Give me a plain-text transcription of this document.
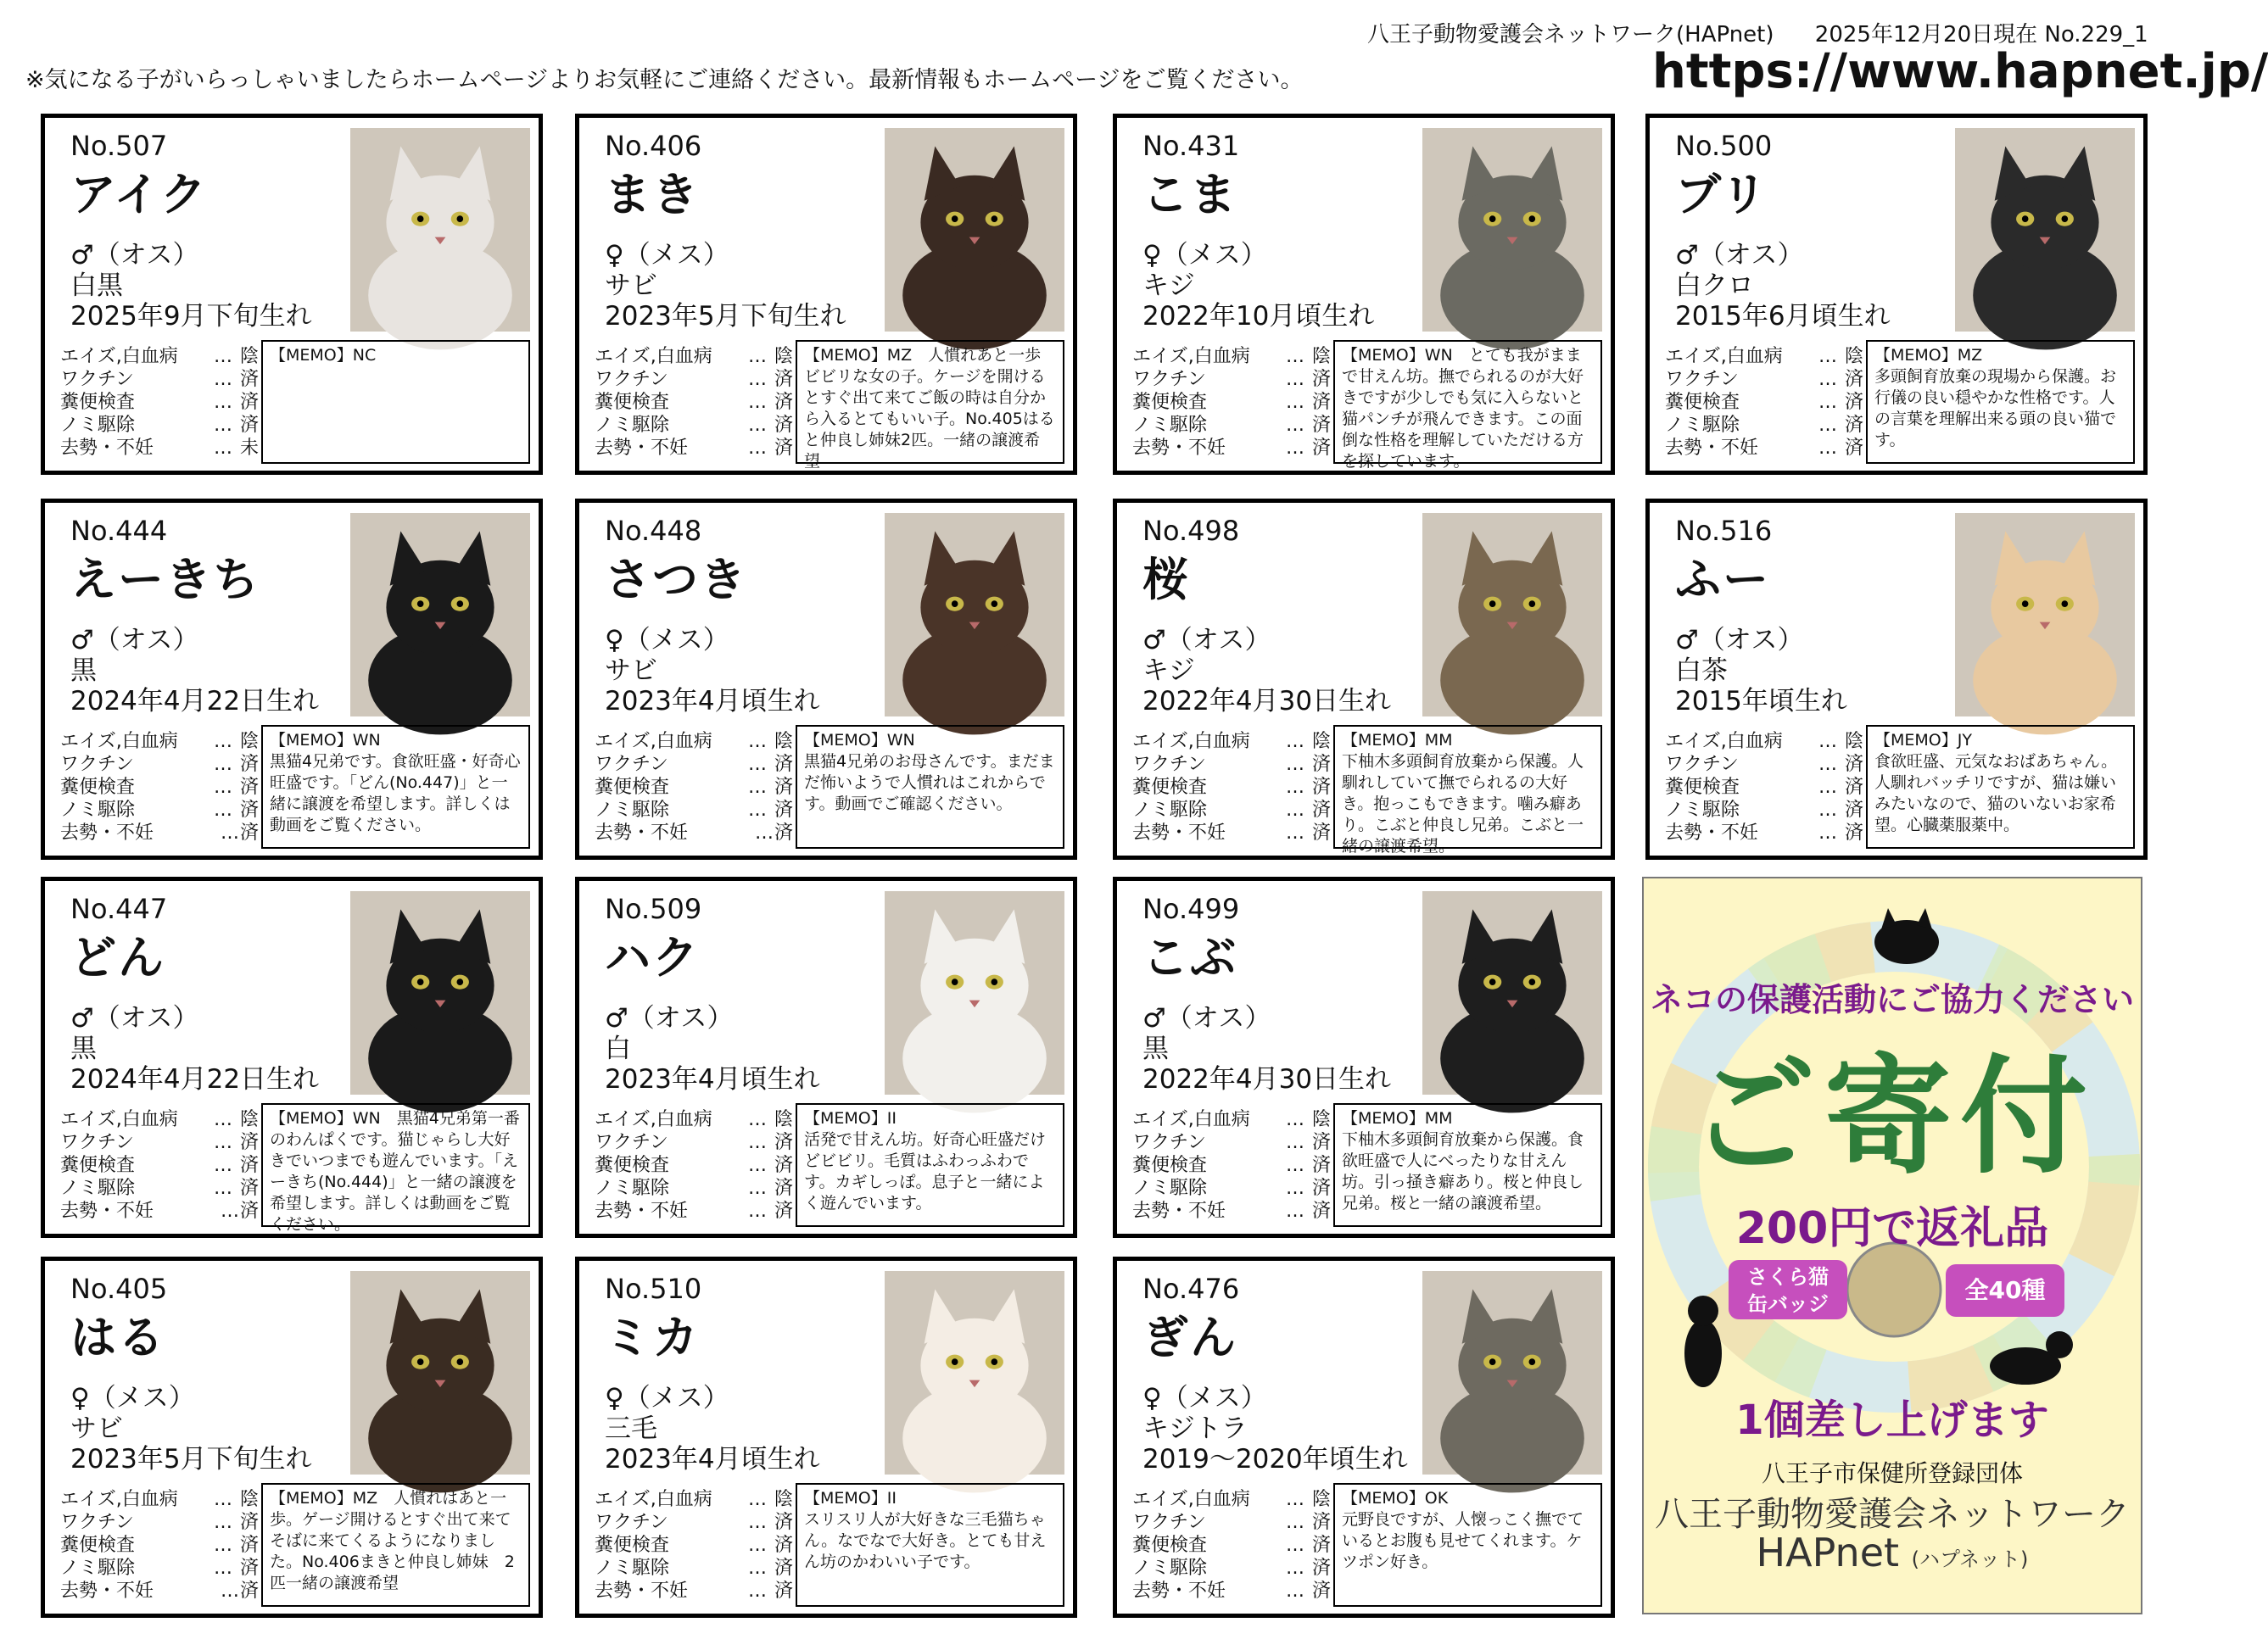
八王子動物愛護会ネットワーク(HAPnet) 2025年12月20日現在 No.229_1
https://www.hapnet.jp/
※気になる子がいらっしゃいましたらホームページよりお気軽にご連絡ください。最新情報もホームページをご覧ください。
No.507
アイク
♂（オス）
白黒
2025年9月下旬生れ
エイズ,白血病 … 陰
ワクチン	… 済
糞便検査	… 済
ノミ駆除	… 済
去勢・不妊	… 未
【MEMO】NC
No.406
まき
♀（メス）
サビ
2023年5月下旬生れ
エイズ,白血病 … 陰
ワクチン	… 済
糞便検査	… 済
ノミ駆除	… 済
去勢・不妊	… 済
【MEMO】MZ　人慣れあと一歩ビビリな女の子。ケージを開けるとすぐ出て来てご飯の時は自分から入るとてもいい子。No.405はると仲良し姉妹2匹。一緒の譲渡希望
No.431
こま
♀（メス）
キジ
2022年10月頃生れ
エイズ,白血病 … 陰
ワクチン	… 済
糞便検査	… 済
ノミ駆除	… 済
去勢・不妊	… 済
【MEMO】WN　とても我がままで甘えん坊。撫でられるのが大好きですが少しでも気に入らないと猫パンチが飛んできます。この面倒な性格を理解していただける方を探しています。
No.500
ブリ
♂（オス）
白クロ
2015年6月頃生れ
エイズ,白血病 … 陰
ワクチン	… 済
糞便検査	… 済
ノミ駆除	… 済
去勢・不妊	… 済
【MEMO】MZ
多頭飼育放棄の現場から保護。お行儀の良い穏やかな性格です。人の言葉を理解出来る頭の良い猫です。
No.444
えーきち
♂（オス）
黒
2024年4月22日生れ
エイズ,白血病 … 陰
ワクチン	… 済
糞便検査	… 済
ノミ駆除	… 済
去勢・不妊	…済
【MEMO】WN
黒猫4兄弟です。食欲旺盛・好奇心旺盛です。「どん(No.447)」と一緒に譲渡を希望します。詳しくは動画をご覧ください。
No.448
さつき
♀（メス）
サビ
2023年4月頃生れ
エイズ,白血病 … 陰
ワクチン	… 済
糞便検査	… 済
ノミ駆除	… 済
去勢・不妊	…済
【MEMO】WN
黒猫4兄弟のお母さんです。まだまだ怖いようで人慣れはこれからです。動画でご確認ください。
No.498
桜
♂（オス）
キジ
2022年4月30日生れ
エイズ,白血病 … 陰
ワクチン	… 済
糞便検査	… 済
ノミ駆除	… 済
去勢・不妊	… 済
【MEMO】MM
下柚木多頭飼育放棄から保護。人馴れしていて撫でられるの大好き。抱っこもできます。噛み癖あり。こぶと仲良し兄弟。こぶと一緒の譲渡希望。
No.516
ふー
♂（オス）
白茶
2015年頃生れ
エイズ,白血病 … 陰
ワクチン	… 済
糞便検査	… 済
ノミ駆除	… 済
去勢・不妊	… 済
【MEMO】JY
食欲旺盛、元気なおばあちゃん。人馴れバッチリですが、猫は嫌いみたいなので、猫のいないお家希望。心臓薬服薬中。
No.447
どん
♂（オス）
黒
2024年4月22日生れ
エイズ,白血病 … 陰
ワクチン	… 済
糞便検査	… 済
ノミ駆除	… 済
去勢・不妊	…済
【MEMO】WN　黒猫4兄弟第一番のわんぱくです。猫じゃらし大好きでいつまでも遊んでいます。「えーきち(No.444)」と一緒の譲渡を希望します。詳しくは動画をご覧ください。
No.509
ハク
♂（オス）
白
2023年4月頃生れ
エイズ,白血病 … 陰
ワクチン	… 済
糞便検査	… 済
ノミ駆除	… 済
去勢・不妊	… 済
【MEMO】II
活発で甘えん坊。好奇心旺盛だけどビビリ。毛質はふわっふわです。カギしっぽ。息子と一緒によく遊んでいます。
No.499
こぶ
♂（オス）
黒
2022年4月30日生れ
エイズ,白血病 … 陰
ワクチン	… 済
糞便検査	… 済
ノミ駆除	… 済
去勢・不妊	… 済
【MEMO】MM
下柚木多頭飼育放棄から保護。食欲旺盛で人にべったりな甘えん坊。引っ掻き癖あり。桜と仲良し兄弟。桜と一緒の譲渡希望。
No.405
はる
♀（メス）
サビ
2023年5月下旬生れ
エイズ,白血病 … 陰
ワクチン	… 済
糞便検査	… 済
ノミ駆除	… 済
去勢・不妊	…済
【MEMO】MZ　人慣れはあと一歩。ゲージ開けるとすぐ出て来てそばに来てくるようになりました。No.406まきと仲良し姉妹　2匹一緒の譲渡希望
No.510
ミカ
♀（メス）
三毛
2023年4月頃生れ
エイズ,白血病 … 陰
ワクチン	… 済
糞便検査	… 済
ノミ駆除	… 済
去勢・不妊	… 済
【MEMO】II
スリスリ人が大好きな三毛猫ちゃん。なでなで大好き。とても甘えん坊のかわいい子です。
No.476
ぎん
♀（メス）
キジトラ
2019～2020年頃生れ
エイズ,白血病 … 陰
ワクチン	… 済
糞便検査	… 済
ノミ駆除	… 済
去勢・不妊	… 済
【MEMO】OK
元野良ですが、人懐っこく撫でているとお腹も見せてくれます。ケツポン好き。
ネコの保護活動にご協力ください
ご寄付
200円で返礼品
さくら猫
缶バッジ	全40種
1個差し上げます
八王子市保健所登録団体
八王子動物愛護会ネットワーク
HAPnet (ハプネット)
